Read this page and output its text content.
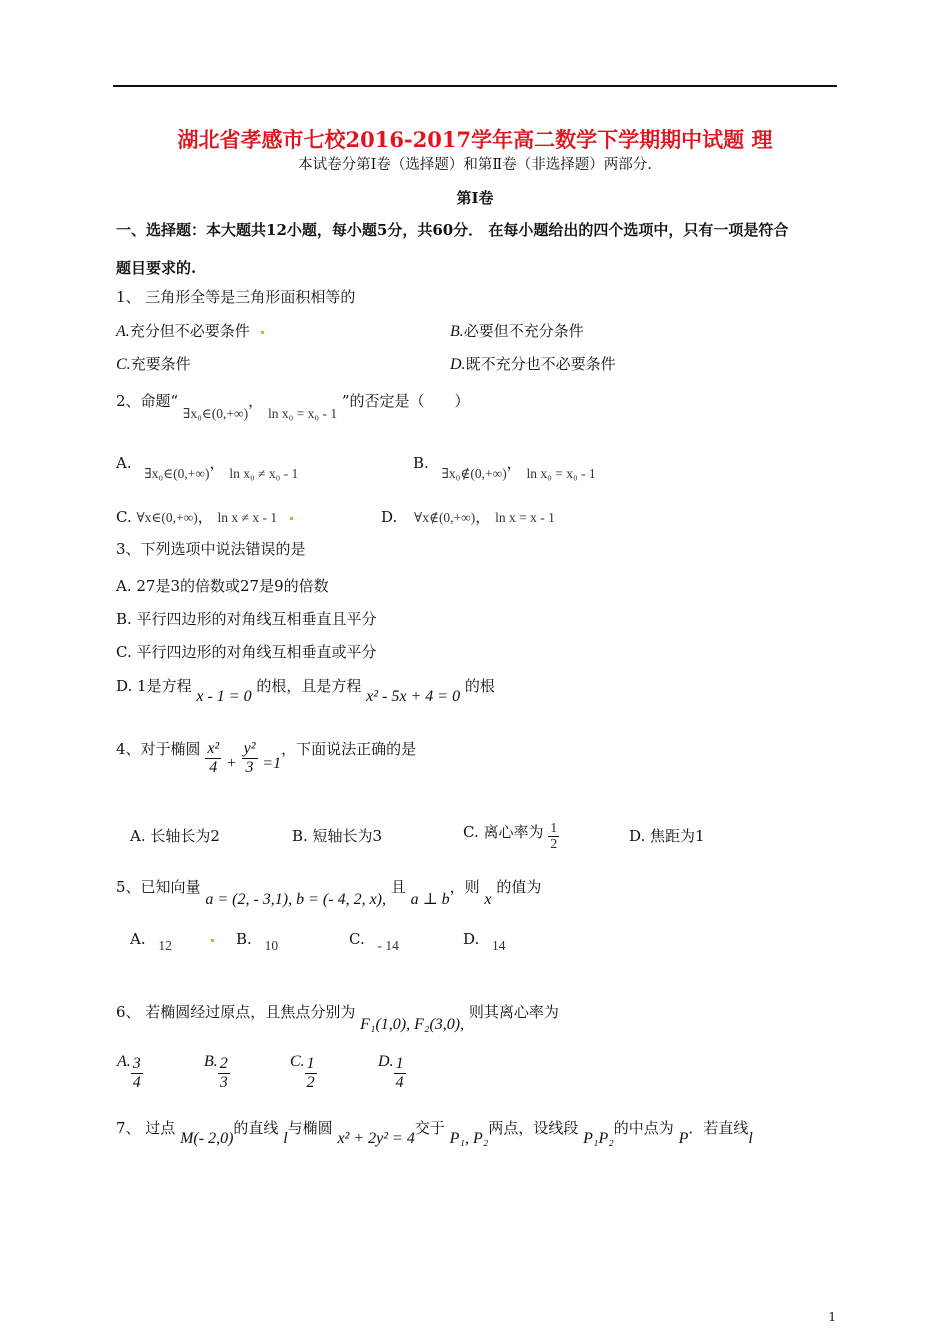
湖北省孝感市七校2016-2017学年高二数学下学期期中试题 理
本试卷分第Ⅰ卷（选择题）和第Ⅱ卷（非选择题）两部分.
第Ⅰ卷
一、选择题：本大题共12小题，每小题5分，共60分． 在每小题给出的四个选项中，只有一项是符合
题目要求的.
1、 三角形全等是三角形面积相等的
A.充分但不必要条件	B.必要但不充分条件
C.充要条件	D.既不充分也不必要条件
2、命题“ ∃x₀∈(0,+∞)， ln x₀ = x₀ - 1 ”的否定是（　　）
A. ∃x₀∈(0,+∞)， ln x₀ ≠ x₀ - 1
B. ∃x₀∉(0,+∞)， ln x₀ = x₀ - 1
C. ∀x∈(0,+∞)， ln x ≠ x - 1	D. ∀x∉(0,+∞)， ln x = x - 1
3、下列选项中说法错误的是
A. 27是3的倍数或27是9的倍数
B. 平行四边形的对角线互相垂直且平分
C. 平行四边形的对角线互相垂直或平分
D. 1是方程 x - 1 = 0 的根，且是方程 x² - 5x + 4 = 0 的根
4、对于椭圆 $\frac{\text{x²}}{4} + \frac{\text{y²}}{3} =1$，下面说法正确的是
A. 长轴长为2	B. 短轴长为3	C. 离心率为 $\frac{1}{2}$	D. 焦距为1
5、已知向量 a = (2, - 3,1), b = (- 4, 2, x), 且 a ⊥ b，则 x 的值为
A. 12	B. 10	C. - 14	D. 14
6、 若椭圆经过原点，且焦点分别为 F₁(1,0), F₂(3,0), 则其离心率为
A. $\frac{3}{4}$	B. $\frac{2}{3}$	C. $\frac{1}{2}$	D. $\frac{1}{4}$
7、 过点 M(- 2,0)的直线 l与椭圆 x² + 2y² = 4交于 P₁, P₂两点，设线段 P₁P₂的中点为 P．若直线l
1
